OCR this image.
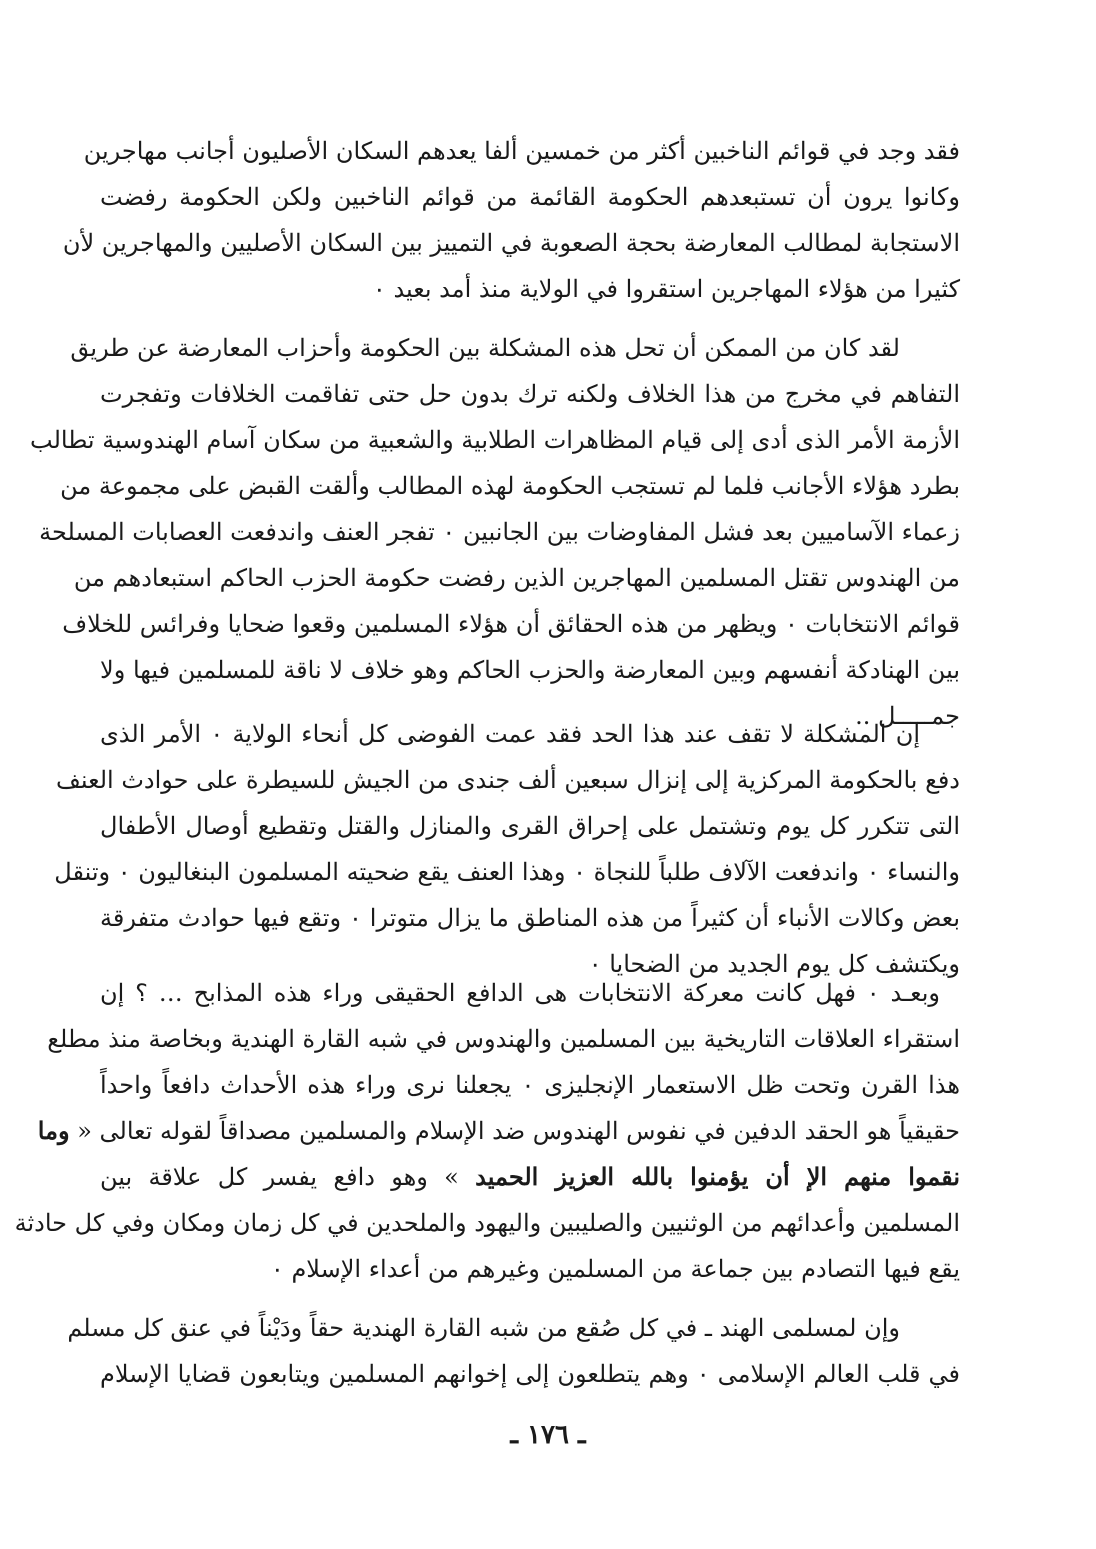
فقد وجد في قوائم الناخبين أكثر من خمسين ألفا يعدهم السكان الأصليون أجانب مهاجرين
وكانوا يرون أن تستبعدهم الحكومة القائمة من قوائم الناخبين ولكن الحكومة رفضت
الاستجابة لمطالب المعارضة بحجة الصعوبة في التمييز بين السكان الأصليين والمهاجرين لأن
كثيرا من هؤلاء المهاجرين استقروا في الولاية منذ أمد بعيد ٠
لقد كان من الممكن أن تحل هذه المشكلة بين الحكومة وأحزاب المعارضة عن طريق
التفاهم في مخرج من هذا الخلاف ولكنه ترك بدون حل حتى تفاقمت الخلافات وتفجرت
الأزمة الأمر الذى أدى إلى قيام المظاهرات الطلابية والشعبية من سكان آسام الهندوسية تطالب
بطرد هؤلاء الأجانب فلما لم تستجب الحكومة لهذه المطالب وألقت القبض على مجموعة من
زعماء الآساميين بعد فشل المفاوضات بين الجانبين ٠ تفجر العنف واندفعت العصابات المسلحة
من الهندوس تقتل المسلمين المهاجرين الذين رفضت حكومة الحزب الحاكم استبعادهم من
قوائم الانتخابات ٠ ويظهر من هذه الحقائق أن هؤلاء المسلمين وقعوا ضحايا وفرائس للخلاف
بين الهنادكة أنفسهم وبين المعارضة والحزب الحاكم وهو خلاف لا ناقة للمسلمين فيها ولا
جمـــــل ..
إن المشكلة لا تقف عند هذا الحد فقد عمت الفوضى كل أنحاء الولاية ٠ الأمر الذى
دفع بالحكومة المركزية إلى إنزال سبعين ألف جندى من الجيش للسيطرة على حوادث العنف
التى تتكرر كل يوم وتشتمل على إحراق القرى والمنازل والقتل وتقطيع أوصال الأطفال
والنساء ٠ واندفعت الآلاف طلباً للنجاة ٠ وهذا العنف يقع ضحيته المسلمون البنغاليون ٠ وتنقل
بعض وكالات الأنباء أن كثيراً من هذه المناطق ما يزال متوترا ٠ وتقع فيها حوادث متفرقة
ويكتشف كل يوم الجديد من الضحايا ٠
وبعـد ٠ فهل كانت معركة الانتخابات هى الدافع الحقيقى وراء هذه المذابح … ؟ إن
استقراء العلاقات التاريخية بين المسلمين والهندوس في شبه القارة الهندية وبخاصة منذ مطلع
هذا القرن وتحت ظل الاستعمار الإنجليزى ٠ يجعلنا نرى وراء هذه الأحداث دافعاً واحداً
حقيقياً هو الحقد الدفين في نفوس الهندوس ضد الإسلام والمسلمين مصداقاً لقوله تعالى « وما
نقموا منهم الإ أن يؤمنوا بالله العزيز الحميد » وهو دافع يفسر كل علاقة بين
المسلمين وأعدائهم من الوثنيين والصليبين واليهود والملحدين في كل زمان ومكان وفي كل حادثة
يقع فيها التصادم بين جماعة من المسلمين وغيرهم من أعداء الإسلام ٠
وإن لمسلمى الهند ـ في كل صُقع من شبه القارة الهندية حقاً ودَيْناً في عنق كل مسلم
في قلب العالم الإسلامى ٠ وهم يتطلعون إلى إخوانهم المسلمين ويتابعون قضايا الإسلام
ـ ١٧٦ ـ
